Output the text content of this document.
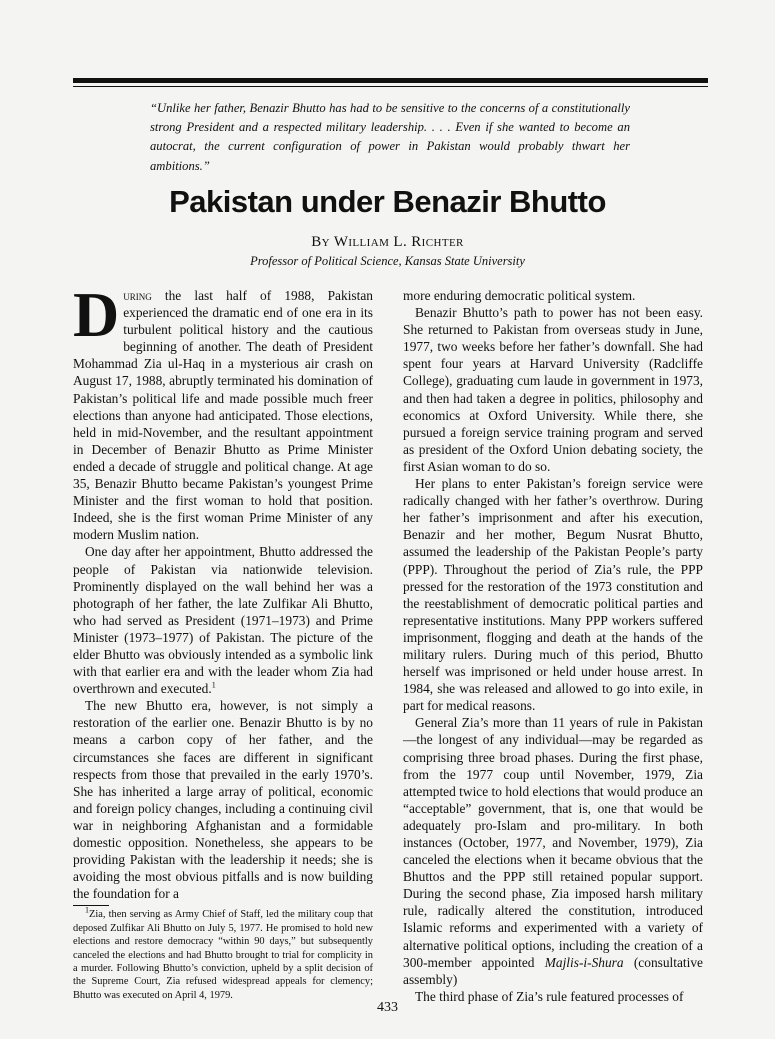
“Unlike her father, Benazir Bhutto has had to be sensitive to the concerns of a constitutionally strong President and a respected military leadership. . . . Even if she wanted to become an autocrat, the current configuration of power in Pakistan would probably thwart her ambitions.”
Pakistan under Benazir Bhutto
By William L. Richter
Professor of Political Science, Kansas State University

During the last half of 1988, Pakistan experienced the dramatic end of one era in its turbulent political history and the cautious beginning of another. The death of President Mohammad Zia ul-Haq in a mysterious air crash on August 17, 1988, abruptly terminated his domination of Pakistan’s political life and made possible much freer elections than anyone had anticipated. Those elections, held in mid-November, and the resultant appointment in December of Benazir Bhutto as Prime Minister ended a decade of struggle and political change. At age 35, Benazir Bhutto became Pakistan’s youngest Prime Minister and the first woman to hold that position. Indeed, she is the first woman Prime Minister of any modern Muslim nation.

One day after her appointment, Bhutto addressed the people of Pakistan via nationwide television. Prominently displayed on the wall behind her was a photograph of her father, the late Zulfikar Ali Bhutto, who had served as President (1971–1973) and Prime Minister (1973–1977) of Pakistan. The picture of the elder Bhutto was obviously intended as a symbolic link with that earlier era and with the leader whom Zia had overthrown and executed.$^1$

The new Bhutto era, however, is not simply a restoration of the earlier one. Benazir Bhutto is by no means a carbon copy of her father, and the circumstances she faces are different in significant respects from those that prevailed in the early 1970’s. She has inherited a large array of political, economic and foreign policy changes, including a continuing civil war in neighboring Afghanistan and a formidable domestic opposition. Nonetheless, she appears to be providing Pakistan with the leadership it needs; she is avoiding the most obvious pitfalls and is now building the foundation for a

$^1$Zia, then serving as Army Chief of Staff, led the military coup that deposed Zulfikar Ali Bhutto on July 5, 1977. He promised to hold new elections and restore democracy “within 90 days,” but subsequently canceled the elections and had Bhutto brought to trial for complicity in a murder. Following Bhutto’s conviction, upheld by a split decision of the Supreme Court, Zia refused widespread appeals for clemency; Bhutto was executed on April 4, 1979.

more enduring democratic political system.

Benazir Bhutto’s path to power has not been easy. She returned to Pakistan from overseas study in June, 1977, two weeks before her father’s downfall. She had spent four years at Harvard University (Radcliffe College), graduating cum laude in government in 1973, and then had taken a degree in politics, philosophy and economics at Oxford University. While there, she pursued a foreign service training program and served as president of the Oxford Union debating society, the first Asian woman to do so.

Her plans to enter Pakistan’s foreign service were radically changed with her father’s overthrow. During her father’s imprisonment and after his execution, Benazir and her mother, Begum Nusrat Bhutto, assumed the leadership of the Pakistan People’s party (PPP). Throughout the period of Zia’s rule, the PPP pressed for the restoration of the 1973 constitution and the reestablishment of democratic political parties and representative institutions. Many PPP workers suffered imprisonment, flogging and death at the hands of the military rulers. During much of this period, Bhutto herself was imprisoned or held under house arrest. In 1984, she was released and allowed to go into exile, in part for medical reasons.

General Zia’s more than 11 years of rule in Pakistan—the longest of any individual—may be regarded as comprising three broad phases. During the first phase, from the 1977 coup until November, 1979, Zia attempted twice to hold elections that would produce an “acceptable” government, that is, one that would be adequately pro-Islam and pro-military. In both instances (October, 1977, and November, 1979), Zia canceled the elections when it became obvious that the Bhuttos and the PPP still retained popular support. During the second phase, Zia imposed harsh military rule, radically altered the constitution, introduced Islamic reforms and experimented with a variety of alternative political options, including the creation of a 300-member appointed Majlis-i-Shura (consultative assembly)

The third phase of Zia’s rule featured processes of

433
